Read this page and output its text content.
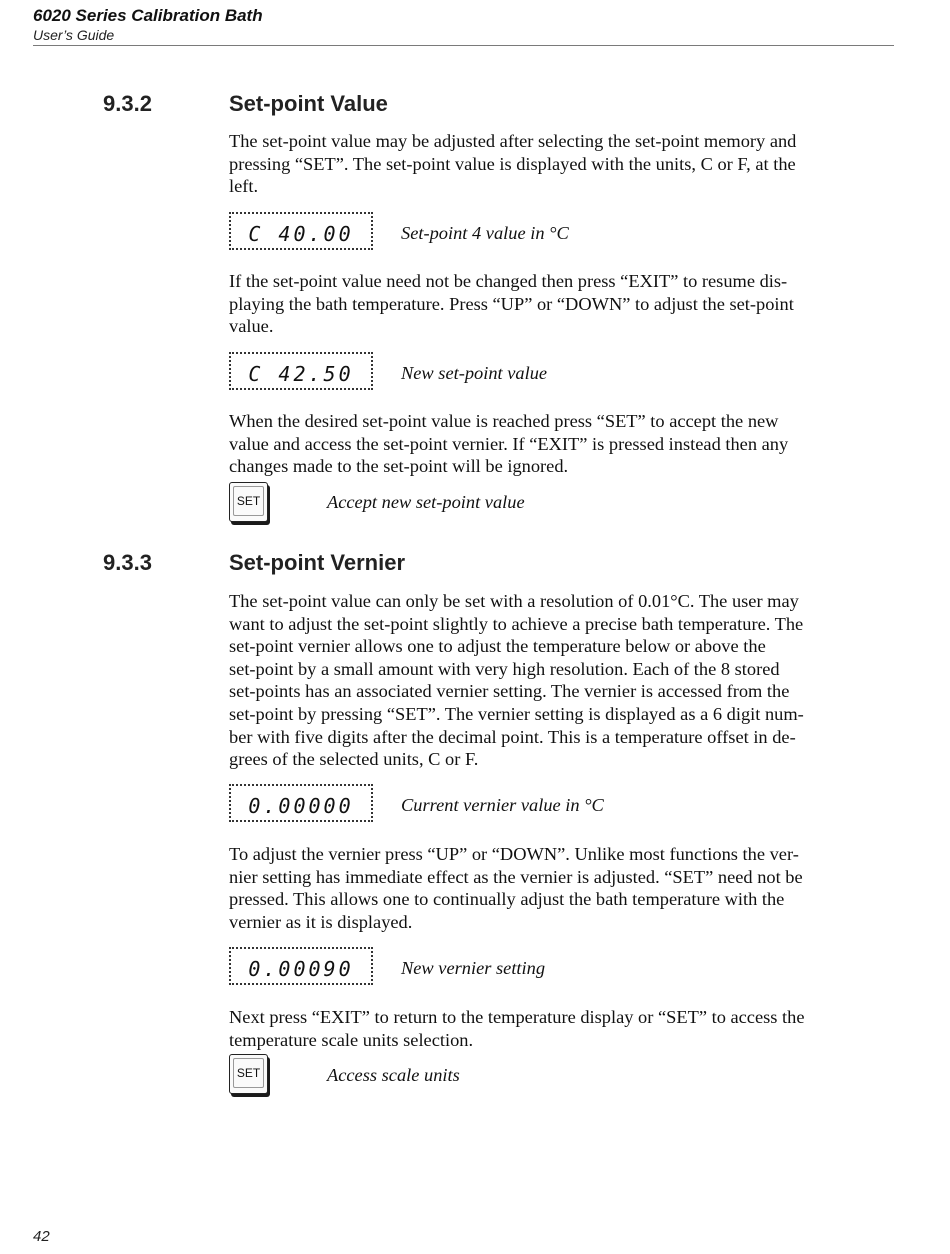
6020 Series Calibration Bath
User’s Guide
9.3.2	Set-point Value
The set-point value may be adjusted after selecting the set-point memory and
pressing “SET”. The set-point value is displayed with the units, C or F, at the
left.
C 40.00	Set-point 4 value in °C
If the set-point value need not be changed then press “EXIT” to resume dis-
playing the bath temperature. Press “UP” or “DOWN” to adjust the set-point
value.
C 42.50	New set-point value
When the desired set-point value is reached press “SET” to accept the new
value and access the set-point vernier. If “EXIT” is pressed instead then any
changes made to the set-point will be ignored.
SET	Accept new set-point value
9.3.3	Set-point Vernier
The set-point value can only be set with a resolution of 0.01°C. The user may
want to adjust the set-point slightly to achieve a precise bath temperature. The
set-point vernier allows one to adjust the temperature below or above the
set-point by a small amount with very high resolution. Each of the 8 stored
set-points has an associated vernier setting. The vernier is accessed from the
set-point by pressing “SET”. The vernier setting is displayed as a 6 digit num-
ber with five digits after the decimal point. This is a temperature offset in de-
grees of the selected units, C or F.
0.00000	Current vernier value in °C
To adjust the vernier press “UP” or “DOWN”. Unlike most functions the ver-
nier setting has immediate effect as the vernier is adjusted. “SET” need not be
pressed. This allows one to continually adjust the bath temperature with the
vernier as it is displayed.
0.00090	New vernier setting
Next press “EXIT” to return to the temperature display or “SET” to access the
temperature scale units selection.
SET	Access scale units
42
